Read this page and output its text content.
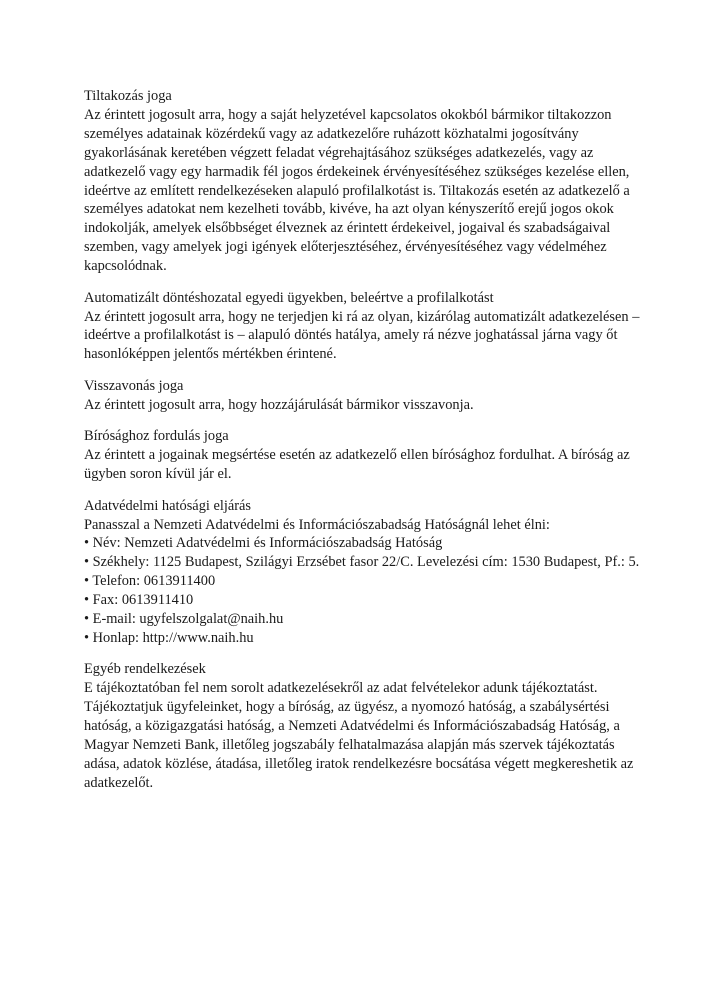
Tiltakozás joga

Az érintett jogosult arra, hogy a saját helyzetével kapcsolatos okokból bármikor tiltakozzon személyes adatainak közérdekű vagy az adatkezelőre ruházott közhatalmi jogosítvány gyakorlásának keretében végzett feladat végrehajtásához szükséges adatkezelés, vagy az adatkezelő vagy egy harmadik fél jogos érdekeinek érvényesítéséhez szükséges kezelése ellen, ideértve az említett rendelkezéseken alapuló profilalkotást is. Tiltakozás esetén az adatkezelő a személyes adatokat nem kezelheti tovább, kivéve, ha azt olyan kényszerítő erejű jogos okok indokolják, amelyek elsőbbséget élveznek az érintett érdekeivel, jogaival és szabadságaival szemben, vagy amelyek jogi igények előterjesztéséhez, érvényesítéséhez vagy védelméhez kapcsolódnak.

Automatizált döntéshozatal egyedi ügyekben, beleértve a profilalkotást

Az érintett jogosult arra, hogy ne terjedjen ki rá az olyan, kizárólag automatizált adatkezelésen – ideértve a profilalkotást is – alapuló döntés hatálya, amely rá nézve joghatással járna vagy őt hasonlóképpen jelentős mértékben érintené.

Visszavonás joga

Az érintett jogosult arra, hogy hozzájárulását bármikor visszavonja.

Bírósághoz fordulás joga

Az érintett a jogainak megsértése esetén az adatkezelő ellen bírósághoz fordulhat. A bíróság az ügyben soron kívül jár el.

Adatvédelmi hatósági eljárás

Panasszal a Nemzeti Adatvédelmi és Információszabadság Hatóságnál lehet élni:

• Név: Nemzeti Adatvédelmi és Információszabadság Hatóság
• Székhely: 1125 Budapest, Szilágyi Erzsébet fasor 22/C. Levelezési cím: 1530 Budapest, Pf.: 5.
• Telefon: 0613911400
• Fax: 0613911410
• E-mail: ugyfelszolgalat@naih.hu
• Honlap: http://www.naih.hu
Egyéb rendelkezések

E tájékoztatóban fel nem sorolt adatkezelésekről az adat felvételekor adunk tájékoztatást.

Tájékoztatjuk ügyfeleinket, hogy a bíróság, az ügyész, a nyomozó hatóság, a szabálysértési hatóság, a közigazgatási hatóság, a Nemzeti Adatvédelmi és Információszabadság Hatóság, a Magyar Nemzeti Bank, illetőleg jogszabály felhatalmazása alapján más szervek tájékoztatás adása, adatok közlése, átadása, illetőleg iratok rendelkezésre bocsátása végett megkereshetik az adatkezelőt.
